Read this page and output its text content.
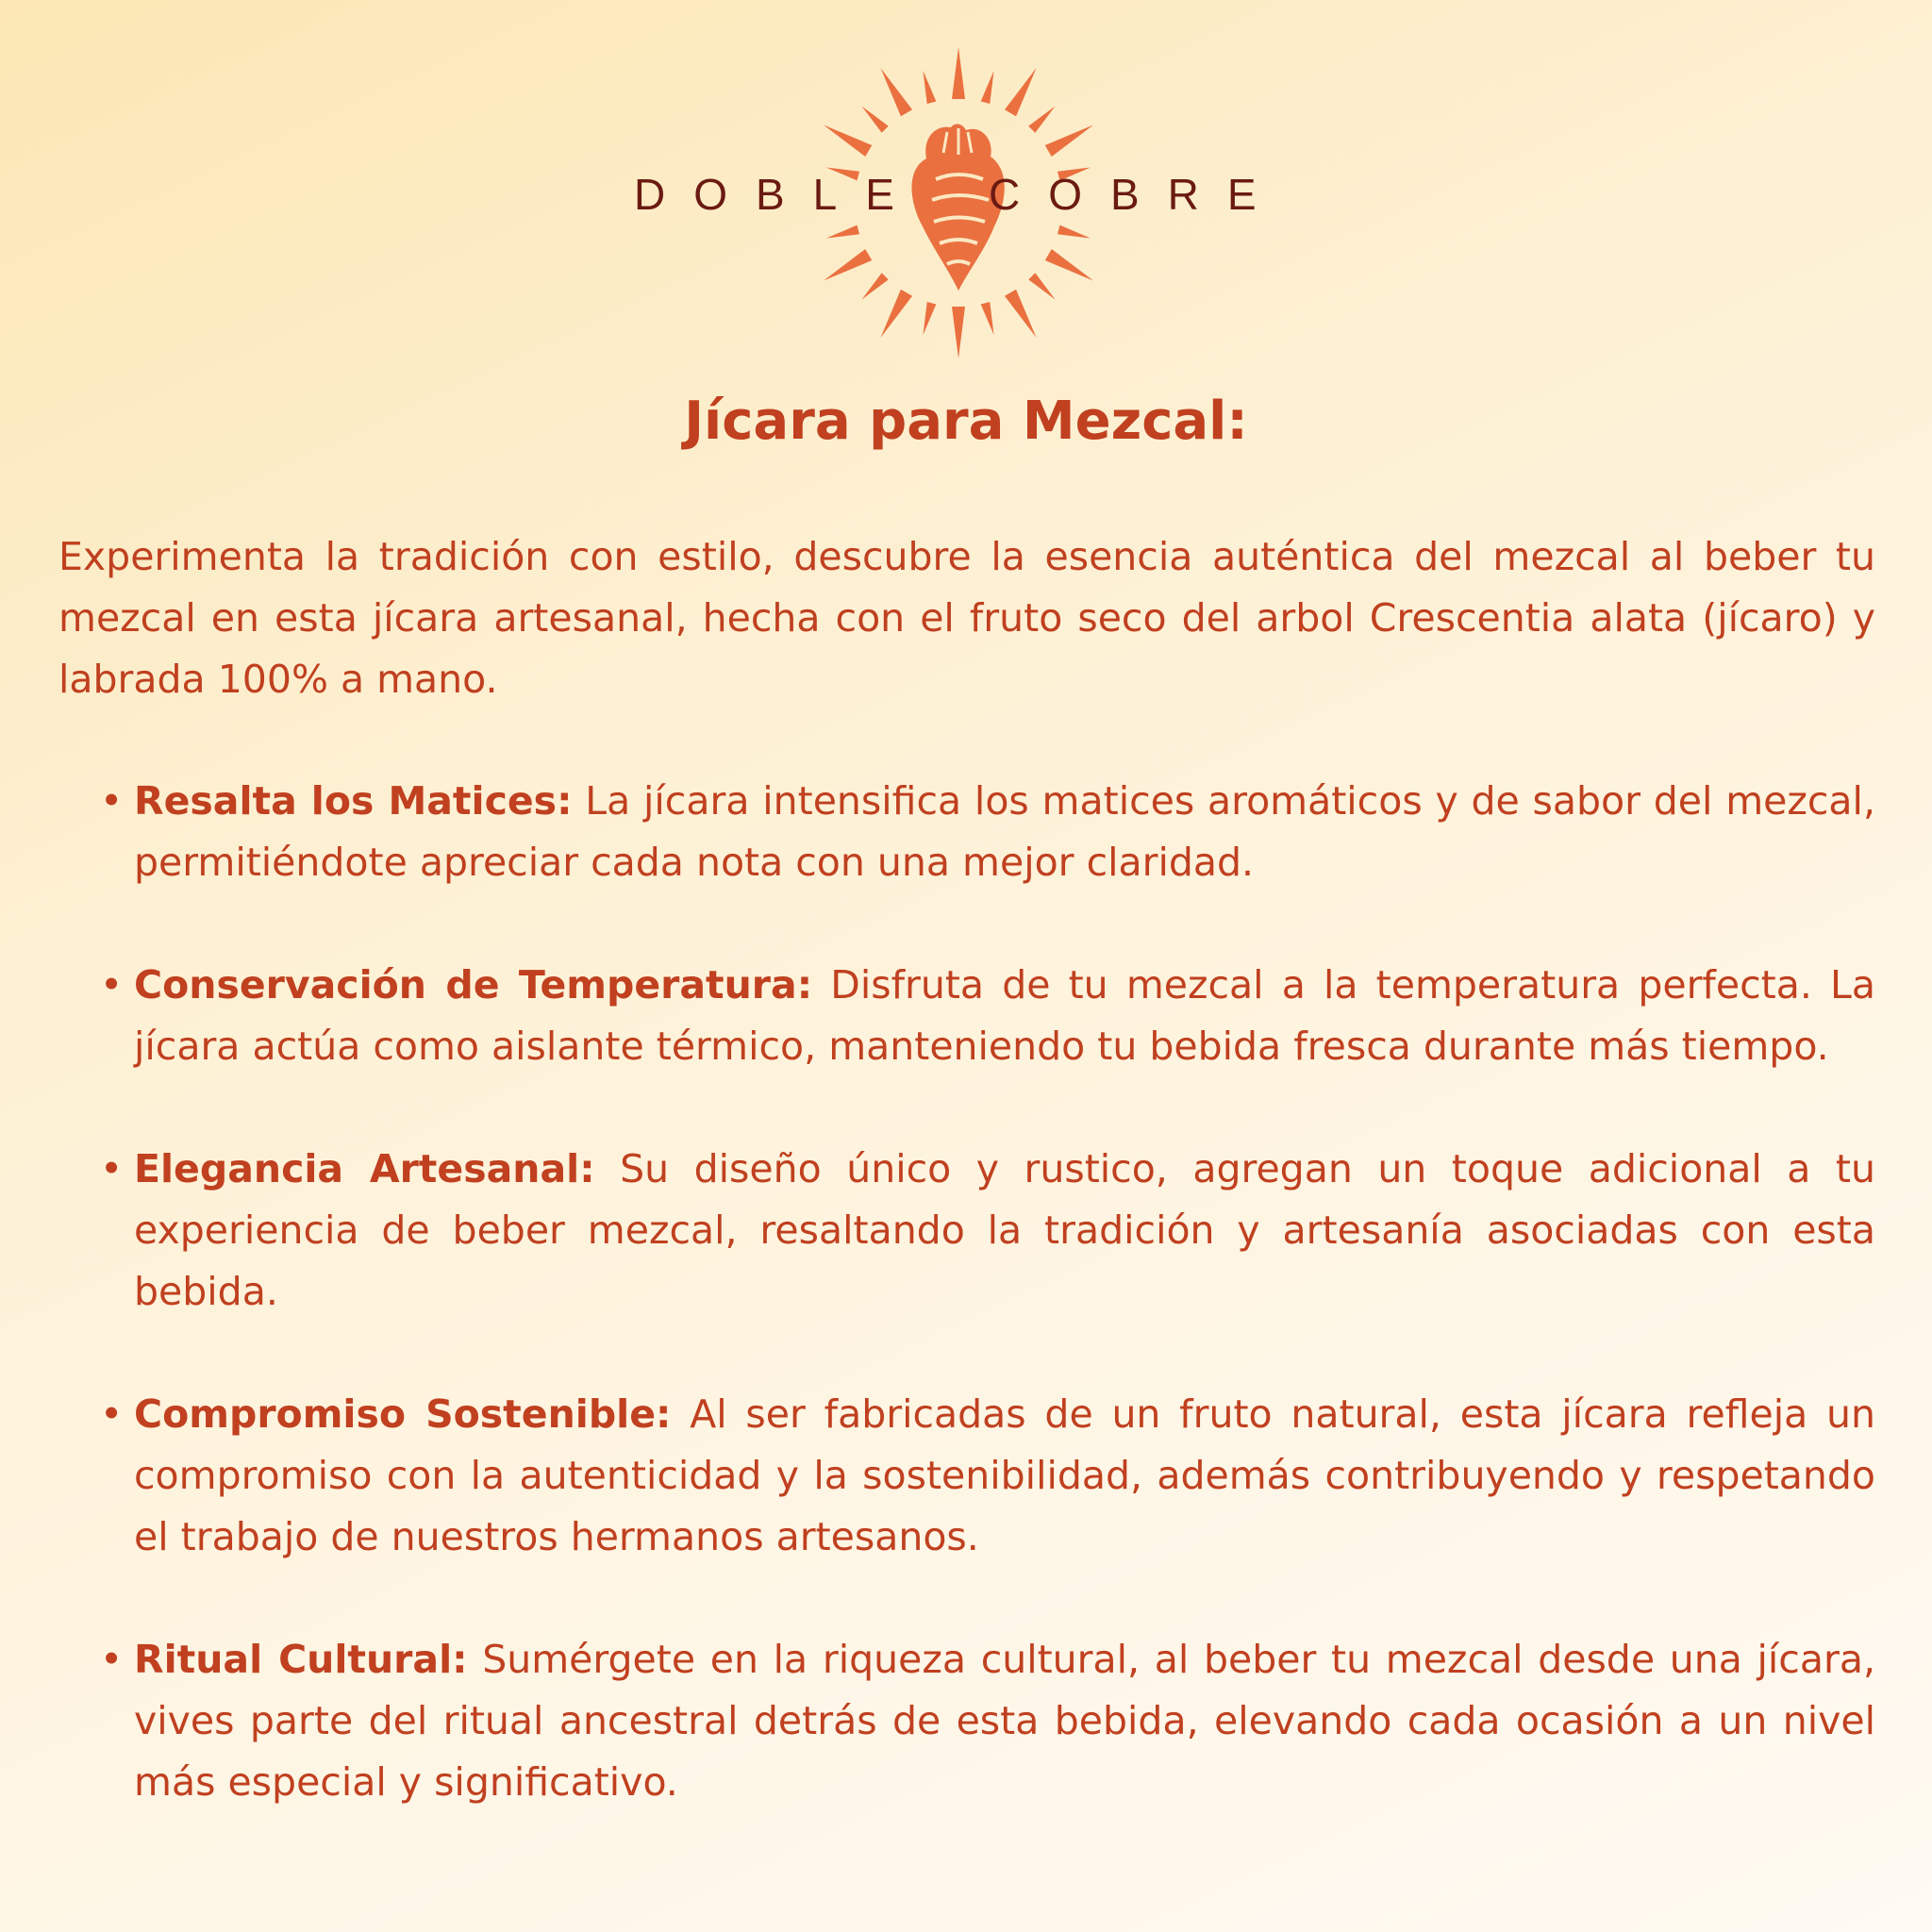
DOBLE COBRE
Jícara para Mezcal:

Experimenta la tradición con estilo, descubre la esencia auténtica del mezcal al beber tu mezcal en esta jícara artesanal, hecha con el fruto seco del arbol Crescentia alata (jícaro) y labrada 100% a mano.

• Resalta los Matices: La jícara intensifica los matices aromáticos y de sabor del mezcal, permitiéndote apreciar cada nota con una mejor claridad.
• Conservación de Temperatura: Disfruta de tu mezcal a la temperatura perfecta. La jícara actúa como aislante térmico, manteniendo tu bebida fresca durante más tiempo.
• Elegancia Artesanal: Su diseño único y rustico, agregan un toque adicional a tu experiencia de beber mezcal, resaltando la tradición y artesanía asociadas con esta bebida.
• Compromiso Sostenible: Al ser fabricadas de un fruto natural, esta jícara refleja un compromiso con la autenticidad y la sostenibilidad, además contribuyendo y respetando el trabajo de nuestros hermanos artesanos.
• Ritual Cultural: Sumérgete en la riqueza cultural, al beber tu mezcal desde una jícara, vives parte del ritual ancestral detrás de esta bebida, elevando cada ocasión a un nivel más especial y significativo.
